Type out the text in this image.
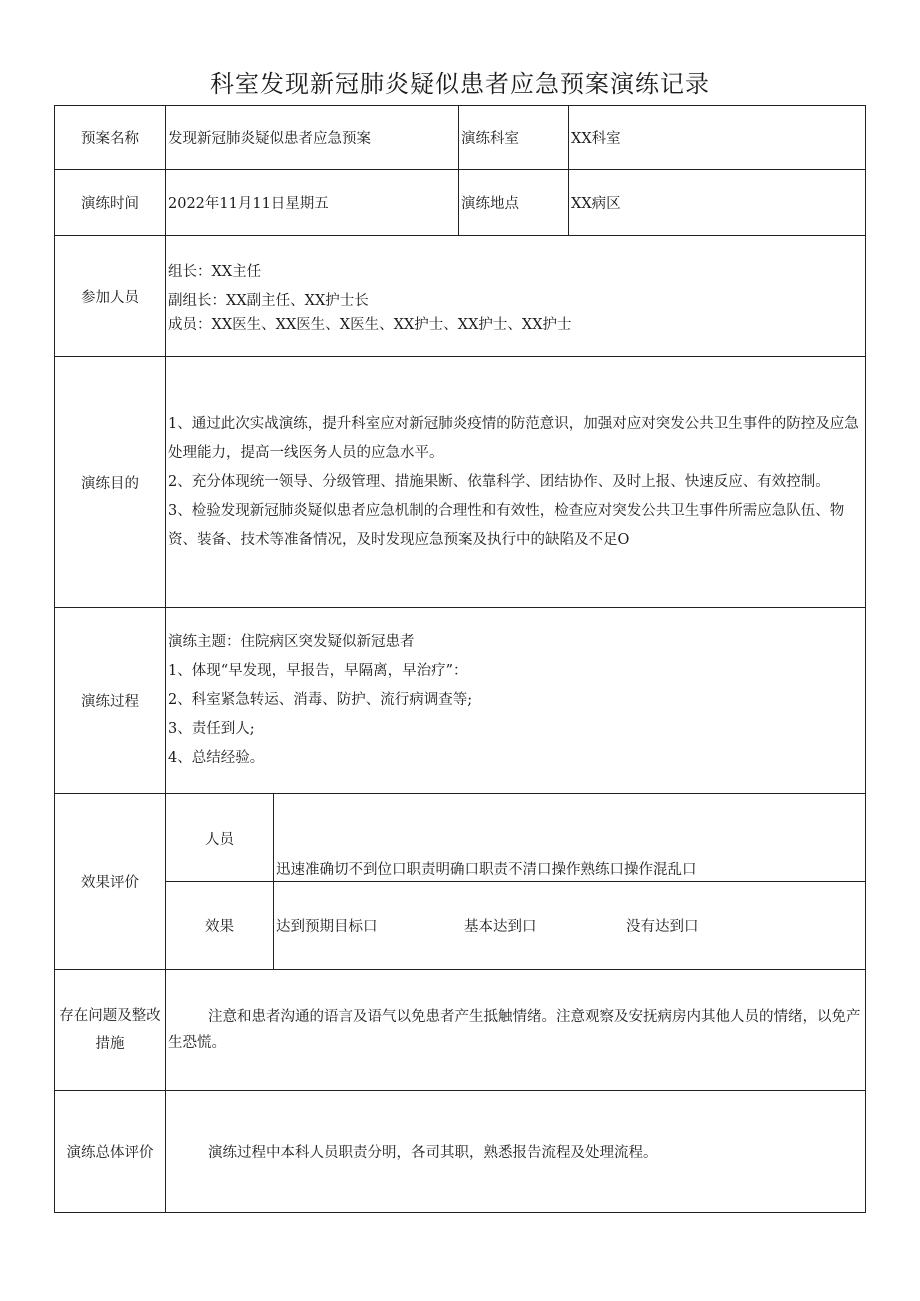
科室发现新冠肺炎疑似患者应急预案演练记录
预案名称	发现新冠肺炎疑似患者应急预案		演练科室	XX科室
演练时间	2022年11月11日星期五		演练地点	XX病区
参加人员	组长：XX主任

副组长：XX副主任、XX护士长

成员：XX医生、XX医生、X医生、XX护士、XX护士、XX护士			

演练目的	1、通过此次实战演练，提升科室应对新冠肺炎疫情的防范意识，加强对应对突发公共卫生事件的防控及应急处理能力，提高一线医务人员的应急水平。

2、充分体现统一领导、分级管理、措施果断、依靠科学、团结协作、及时上报、快速反应、有效控制。

3、检验发现新冠肺炎疑似患者应急机制的合理性和有效性，检查应对突发公共卫生事件所需应急队伍、物资、装备、技术等准备情况，及时发现应急预案及执行中的缺陷及不足O			

演练过程	演练主题：住院病区突发疑似新冠患者

1、体现“早发现，早报告，早隔离，早治疗”：

2、科室紧急转运、消毒、防护、流行病调查等;

3、责任到人;

4、总结经验。			

效果评价	人员	迅速准确切不到位口职责明确口职责不清口操作熟练口操作混乱口		
	效果	达到预期目标口 基本达到口 没有达到口		

存在问题及整改
措施	注意和患者沟通的语言及语气以免患者产生抵触情绪。注意观察及安抚病房内其他人员的情绪，以免产生恐慌。			
演练总体评价	演练过程中本科人员职责分明，各司其职，熟悉报告流程及处理流程。			
